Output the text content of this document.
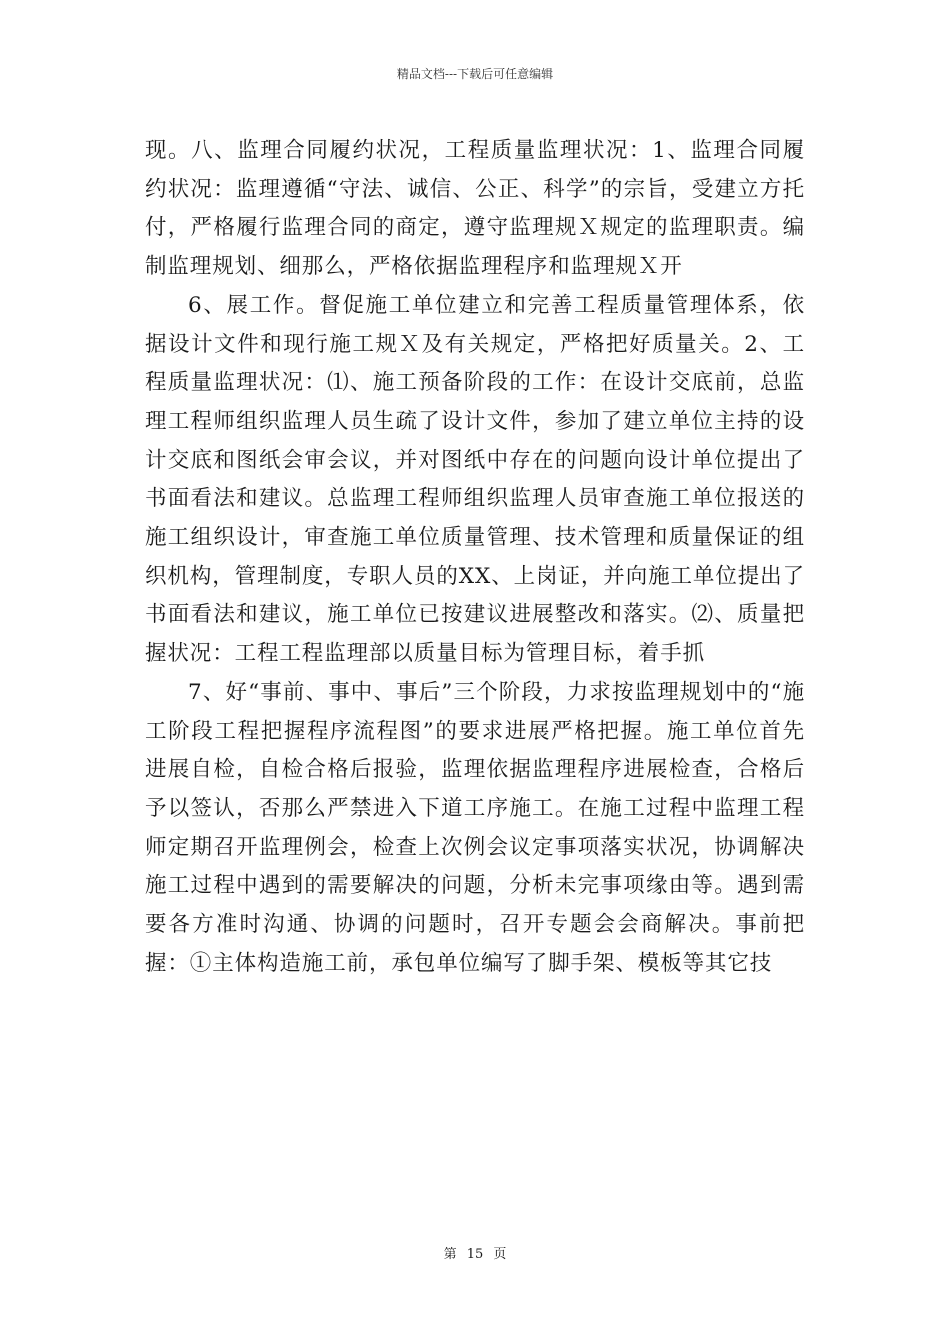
精品文档---下载后可任意编辑

现。八、监理合同履约状况，工程质量监理状况：1、监理合同履约状况：监理遵循“守法、诚信、公正、科学”的宗旨，受建立方托付，严格履行监理合同的商定，遵守监理规Ｘ规定的监理职责。编制监理规划、细那么，严格依据监理程序和监理规Ｘ开

6、展工作。督促施工单位建立和完善工程质量管理体系，依据设计文件和现行施工规Ｘ及有关规定，严格把好质量关。2、工程质量监理状况：⑴、施工预备阶段的工作：在设计交底前，总监理工程师组织监理人员生疏了设计文件，参加了建立单位主持的设计交底和图纸会审会议，并对图纸中存在的问题向设计单位提出了书面看法和建议。总监理工程师组织监理人员审查施工单位报送的施工组织设计，审查施工单位质量管理、技术管理和质量保证的组织机构，管理制度，专职人员的XX、上岗证，并向施工单位提出了书面看法和建议，施工单位已按建议进展整改和落实。⑵、质量把握状况：工程工程监理部以质量目标为管理目标，着手抓

7、好“事前、事中、事后”三个阶段，力求按监理规划中的“施工阶段工程把握程序流程图”的要求进展严格把握。施工单位首先进展自检，自检合格后报验，监理依据监理程序进展检查，合格后予以签认，否那么严禁进入下道工序施工。在施工过程中监理工程师定期召开监理例会，检查上次例会议定事项落实状况，协调解决施工过程中遇到的需要解决的问题，分析未完事项缘由等。遇到需要各方准时沟通、协调的问题时，召开专题会会商解决。事前把握：①主体构造施工前，承包单位编写了脚手架、模板等其它技

第 15 页
